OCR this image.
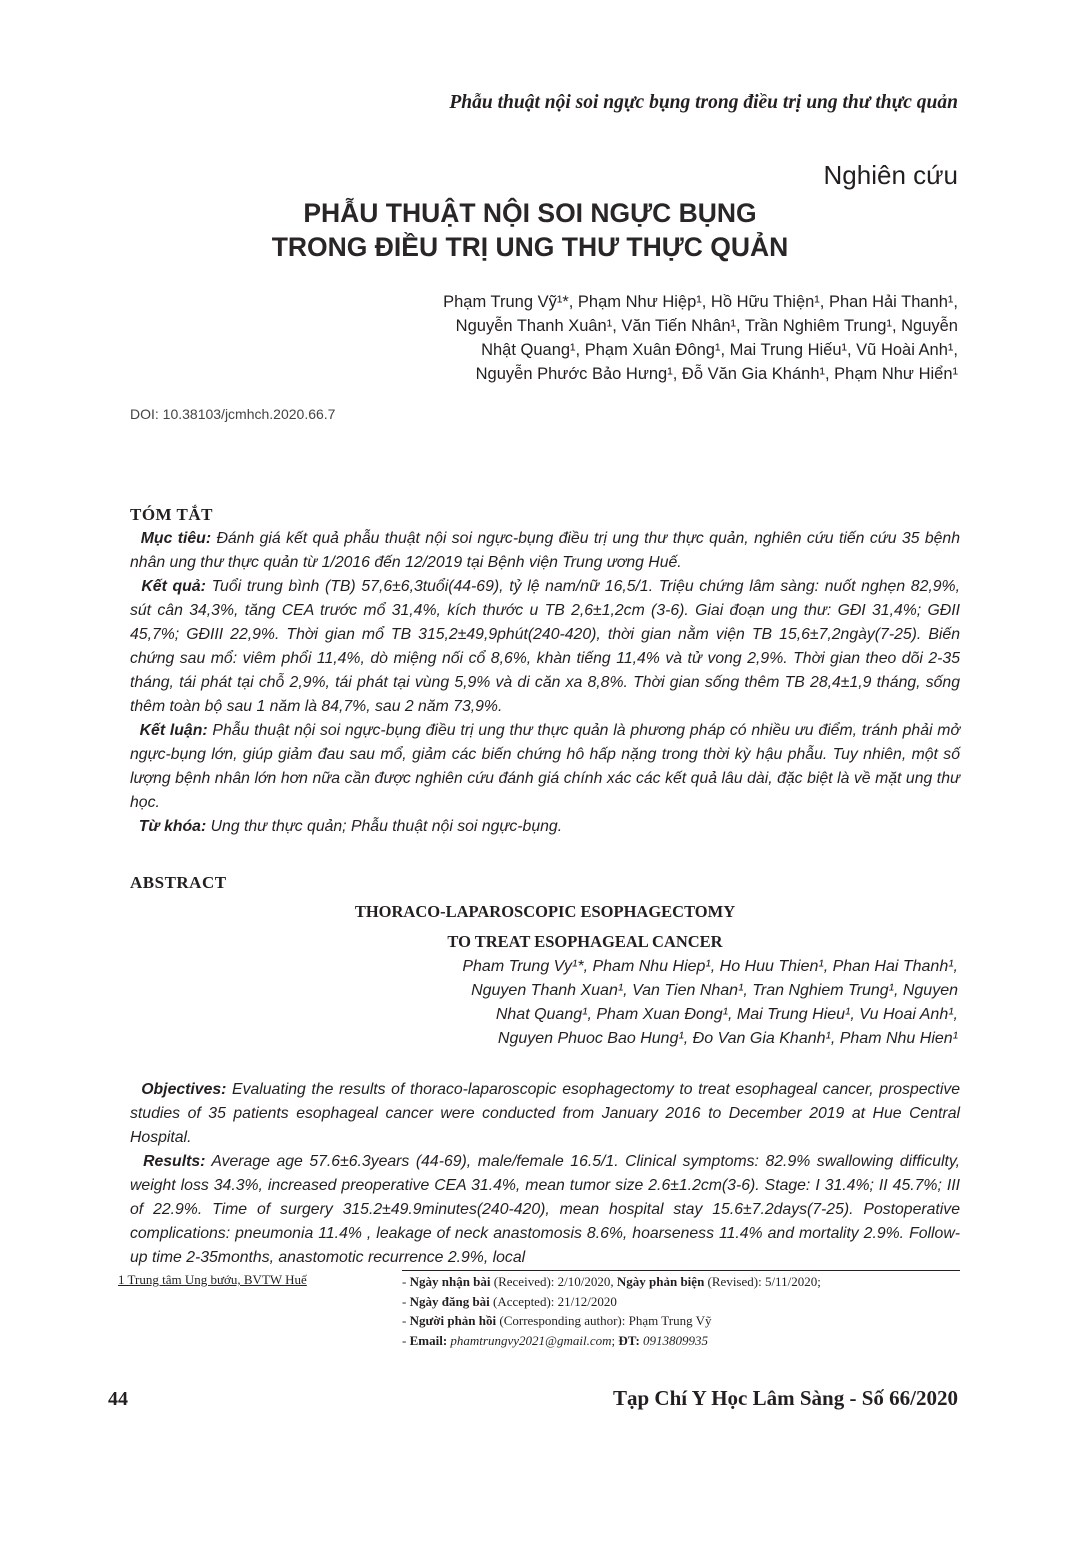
Phẫu thuật nội soi ngực bụng trong điều trị ung thư thực quản
Nghiên cứu
PHẪU THUẬT NỘI SOI NGỰC BỤNG
TRONG ĐIỀU TRỊ UNG THƯ THỰC QUẢN
Phạm Trung Vỹ¹*, Phạm Như Hiệp¹, Hồ Hữu Thiện¹, Phan Hải Thanh¹,
Nguyễn Thanh Xuân¹, Văn Tiến Nhân¹, Trần Nghiêm Trung¹, Nguyễn
Nhật Quang¹, Phạm Xuân Đông¹, Mai Trung Hiếu¹, Vũ Hoài Anh¹,
Nguyễn Phước Bảo Hưng¹, Đỗ Văn Gia Khánh¹, Phạm Như Hiển¹
DOI: 10.38103/jcmhch.2020.66.7
TÓM TẮT

Mục tiêu: Đánh giá kết quả phẫu thuật nội soi ngực-bụng điều trị ung thư thực quản, nghiên cứu tiến cứu 35 bệnh nhân ung thư thực quản từ 1/2016 đến 12/2019 tại Bệnh viện Trung ương Huế.

Kết quả: Tuổi trung bình (TB) 57,6±6,3tuổi(44-69), tỷ lệ nam/nữ 16,5/1. Triệu chứng lâm sàng: nuốt nghẹn 82,9%, sút cân 34,3%, tăng CEA trước mổ 31,4%, kích thước u TB 2,6±1,2cm (3-6). Giai đoạn ung thư: GĐI 31,4%; GĐII 45,7%; GĐIII 22,9%. Thời gian mổ TB 315,2±49,9phút(240-420), thời gian nằm viện TB 15,6±7,2ngày(7-25). Biến chứng sau mổ: viêm phổi 11,4%, dò miệng nối cổ 8,6%, khàn tiếng 11,4% và tử vong 2,9%. Thời gian theo dõi 2-35 tháng, tái phát tại chỗ 2,9%, tái phát tại vùng 5,9% và di căn xa 8,8%. Thời gian sống thêm TB 28,4±1,9 tháng, sống thêm toàn bộ sau 1 năm là 84,7%, sau 2 năm 73,9%.

Kết luận: Phẫu thuật nội soi ngực-bụng điều trị ung thư thực quản là phương pháp có nhiều ưu điểm, tránh phải mở ngực-bụng lớn, giúp giảm đau sau mổ, giảm các biến chứng hô hấp nặng trong thời kỳ hậu phẫu. Tuy nhiên, một số lượng bệnh nhân lớn hơn nữa cần được nghiên cứu đánh giá chính xác các kết quả lâu dài, đặc biệt là về mặt ung thư học.

Từ khóa: Ung thư thực quản; Phẫu thuật nội soi ngực-bụng.

ABSTRACT
THORACO-LAPAROSCOPIC ESOPHAGECTOMY
TO TREAT ESOPHAGEAL CANCER
Pham Trung Vy¹*, Pham Nhu Hiep¹, Ho Huu Thien¹, Phan Hai Thanh¹,
Nguyen Thanh Xuan¹, Van Tien Nhan¹, Tran Nghiem Trung¹, Nguyen
Nhat Quang¹, Pham Xuan Đong¹, Mai Trung Hieu¹, Vu Hoai Anh¹,
Nguyen Phuoc Bao Hung¹, Đo Van Gia Khanh¹, Pham Nhu Hien¹

Objectives: Evaluating the results of thoraco-laparoscopic esophagectomy to treat esophageal cancer, prospective studies of 35 patients esophageal cancer were conducted from January 2016 to December 2019 at Hue Central Hospital.

Results: Average age 57.6±6.3years (44-69), male/female 16.5/1. Clinical symptoms: 82.9% swallowing difficulty, weight loss 34.3%, increased preoperative CEA 31.4%, mean tumor size 2.6±1.2cm(3-6). Stage: I 31.4%; II 45.7%; III of 22.9%. Time of surgery 315.2±49.9minutes(240-420), mean hospital stay 15.6±7.2days(7-25). Postoperative complications: pneumonia 11.4% , leakage of neck anastomosis 8.6%, hoarseness 11.4% and mortality 2.9%. Follow-up time 2-35months, anastomotic recurrence 2.9%, local

1 Trung tâm Ung bướu, BVTW Huế	- Ngày nhận bài (Received): 2/10/2020, Ngày phản biện (Revised): 5/11/2020;
- Ngày đăng bài (Accepted): 21/12/2020
- Người phản hồi (Corresponding author): Phạm Trung Vỹ
- Email: phamtrungvy2021@gmail.com; ĐT: 0913809935
44	Tạp Chí Y Học Lâm Sàng - Số 66/2020
